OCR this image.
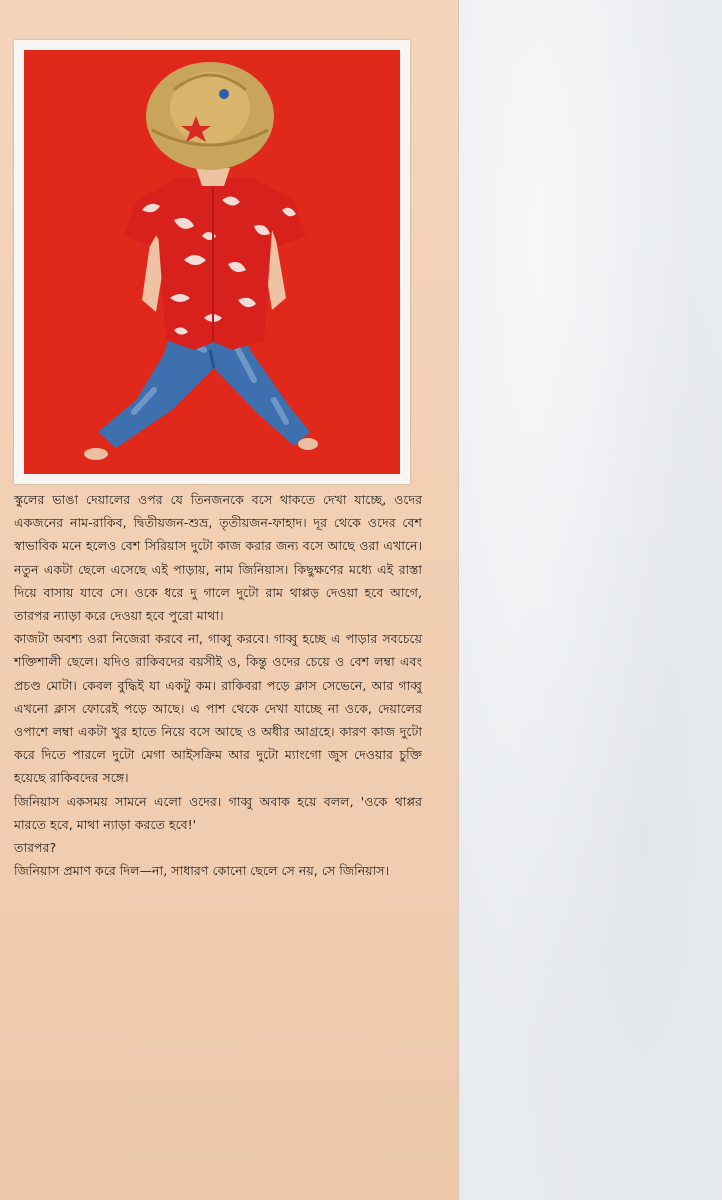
স্কুলের ভাঙা দেয়ালের ওপর যে তিনজনকে বসে থাকতে দেখা যাচ্ছে, ওদের একজনের নাম-রাকিব, দ্বিতীয়জন-শুভ্র, তৃতীয়জন-ফাহাদ। দূর থেকে ওদের বেশ স্বাভাবিক মনে হলেও বেশ সিরিয়াস দুটো কাজ করার জন্য বসে আছে ওরা এখানে। নতুন একটা ছেলে এসেছে এই পাড়ায়, নাম জিনিয়াস। কিছুক্ষণের মধ্যে এই রাস্তা দিয়ে বাসায় যাবে সে। ওকে ধরে দু গালে দুটো রাম থাপ্পড় দেওয়া হবে আগে, তারপর ন্যাড়া করে দেওয়া হবে পুরো মাথা।

কাজটা অবশ্য ওরা নিজেরা করবে না, গাব্বু করবে। গাব্বু হচ্ছে এ পাড়ার সবচেয়ে শক্তিশালী ছেলে। যদিও রাকিবদের বয়সীই ও, কিন্তু ওদের চেয়ে ও বেশ লম্বা এবং প্রচণ্ড মোটা। কেবল বুদ্ধিই যা একটু কম। রাকিবরা পড়ে ক্লাস সেভেনে, আর গাব্বু এখনো ক্লাস ফোরেই পড়ে আছে। এ পাশ থেকে দেখা যাচ্ছে না ওকে, দেয়ালের ওপাশে লম্বা একটা খুর হাতে নিয়ে বসে আছে ও অধীর আগ্রহে। কারণ কাজ দুটো করে দিতে পারলে দুটো মেগা আইসক্রিম আর দুটো ম্যাংগো জুস দেওয়ার চুক্তি হয়েছে রাকিবদের সঙ্গে।

জিনিয়াস একসময় সামনে এলো ওদের। গাব্বু অবাক হয়ে বলল, 'ওকে থাপ্পর মারতে হবে, মাথা ন্যাড়া করতে হবে!'

তারপর?

জিনিয়াস প্রমাণ করে দিল—না, সাধারণ কোনো ছেলে সে নয়, সে জিনিয়াস।
